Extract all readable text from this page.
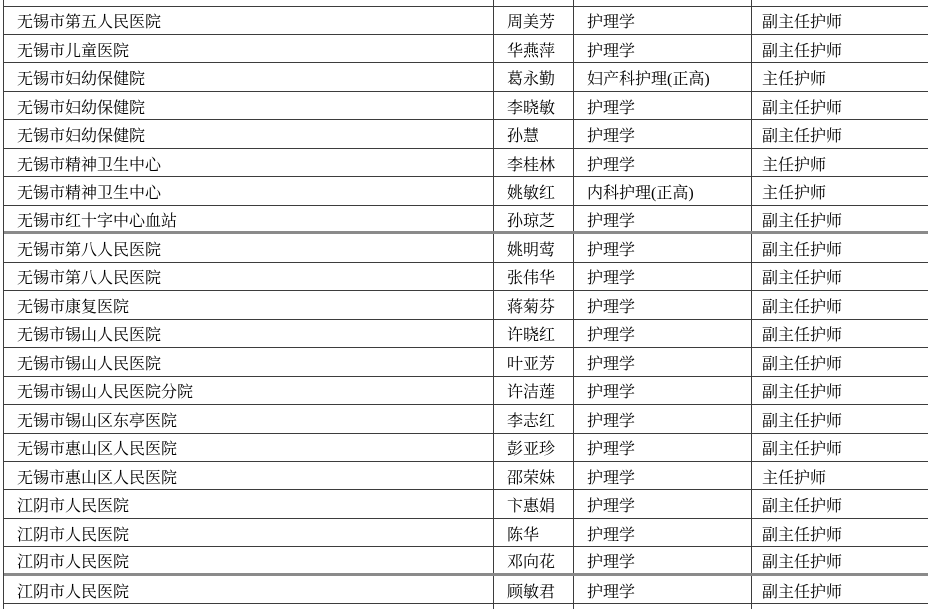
无锡市第五人民医院	周美芳	护理学	副主任护师
无锡市儿童医院	华燕萍	护理学	副主任护师
无锡市妇幼保健院	葛永勤	妇产科护理(正高)	主任护师
无锡市妇幼保健院	李晓敏	护理学	副主任护师
无锡市妇幼保健院	孙慧	护理学	副主任护师
无锡市精神卫生中心	李桂林	护理学	主任护师
无锡市精神卫生中心	姚敏红	内科护理(正高)	主任护师
无锡市红十字中心血站	孙琼芝	护理学	副主任护师
无锡市第八人民医院	姚明莺	护理学	副主任护师
无锡市第八人民医院	张伟华	护理学	副主任护师
无锡市康复医院	蒋菊芬	护理学	副主任护师
无锡市锡山人民医院	许晓红	护理学	副主任护师
无锡市锡山人民医院	叶亚芳	护理学	副主任护师
无锡市锡山人民医院分院	许洁莲	护理学	副主任护师
无锡市锡山区东亭医院	李志红	护理学	副主任护师
无锡市惠山区人民医院	彭亚珍	护理学	副主任护师
无锡市惠山区人民医院	邵荣妹	护理学	主任护师
江阴市人民医院	卞惠娟	护理学	副主任护师
江阴市人民医院	陈华	护理学	副主任护师
江阴市人民医院	邓向花	护理学	副主任护师
江阴市人民医院	顾敏君	护理学	副主任护师
